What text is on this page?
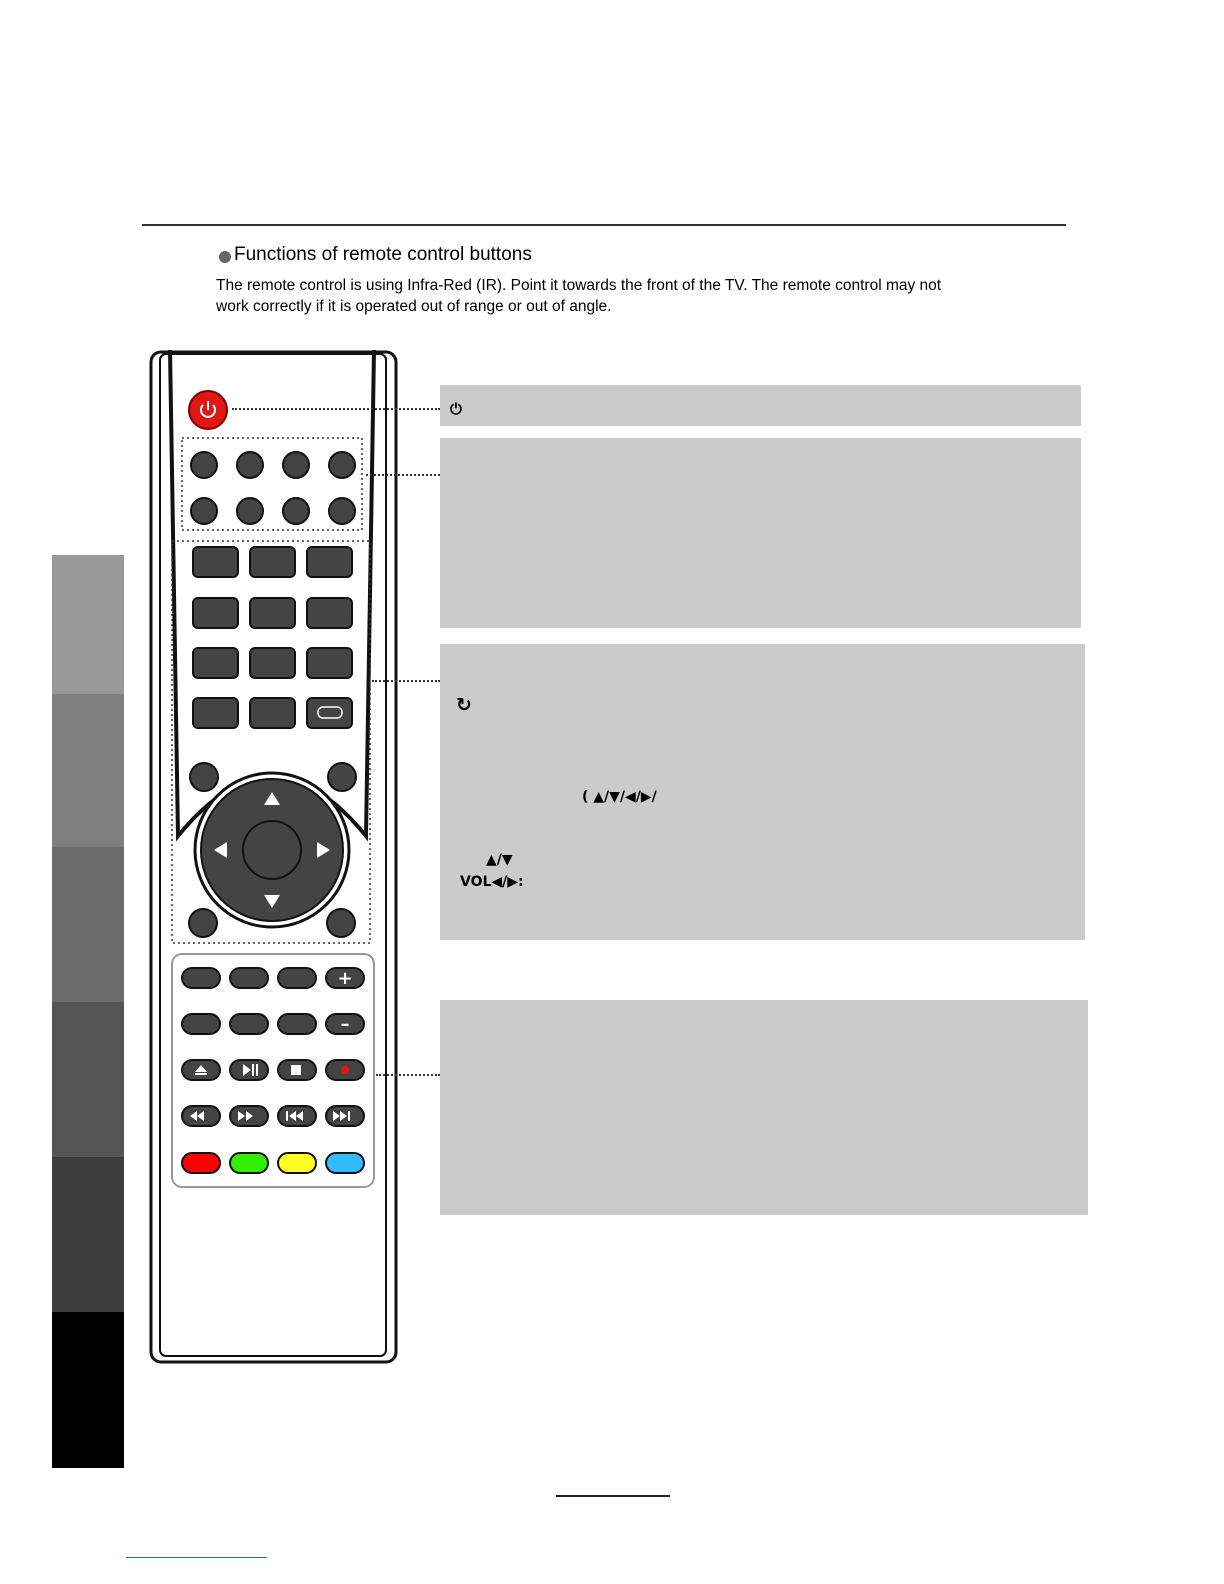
Functions of remote control buttons
The remote control is using Infra-Red (IR). Point it towards the front of the TV. The remote control may not
work correctly if it is operated out of range or out of angle.
+
–
⏻
↻
( ▲/▼/◀/▶/
▲/▼
VOL◀/▶:
